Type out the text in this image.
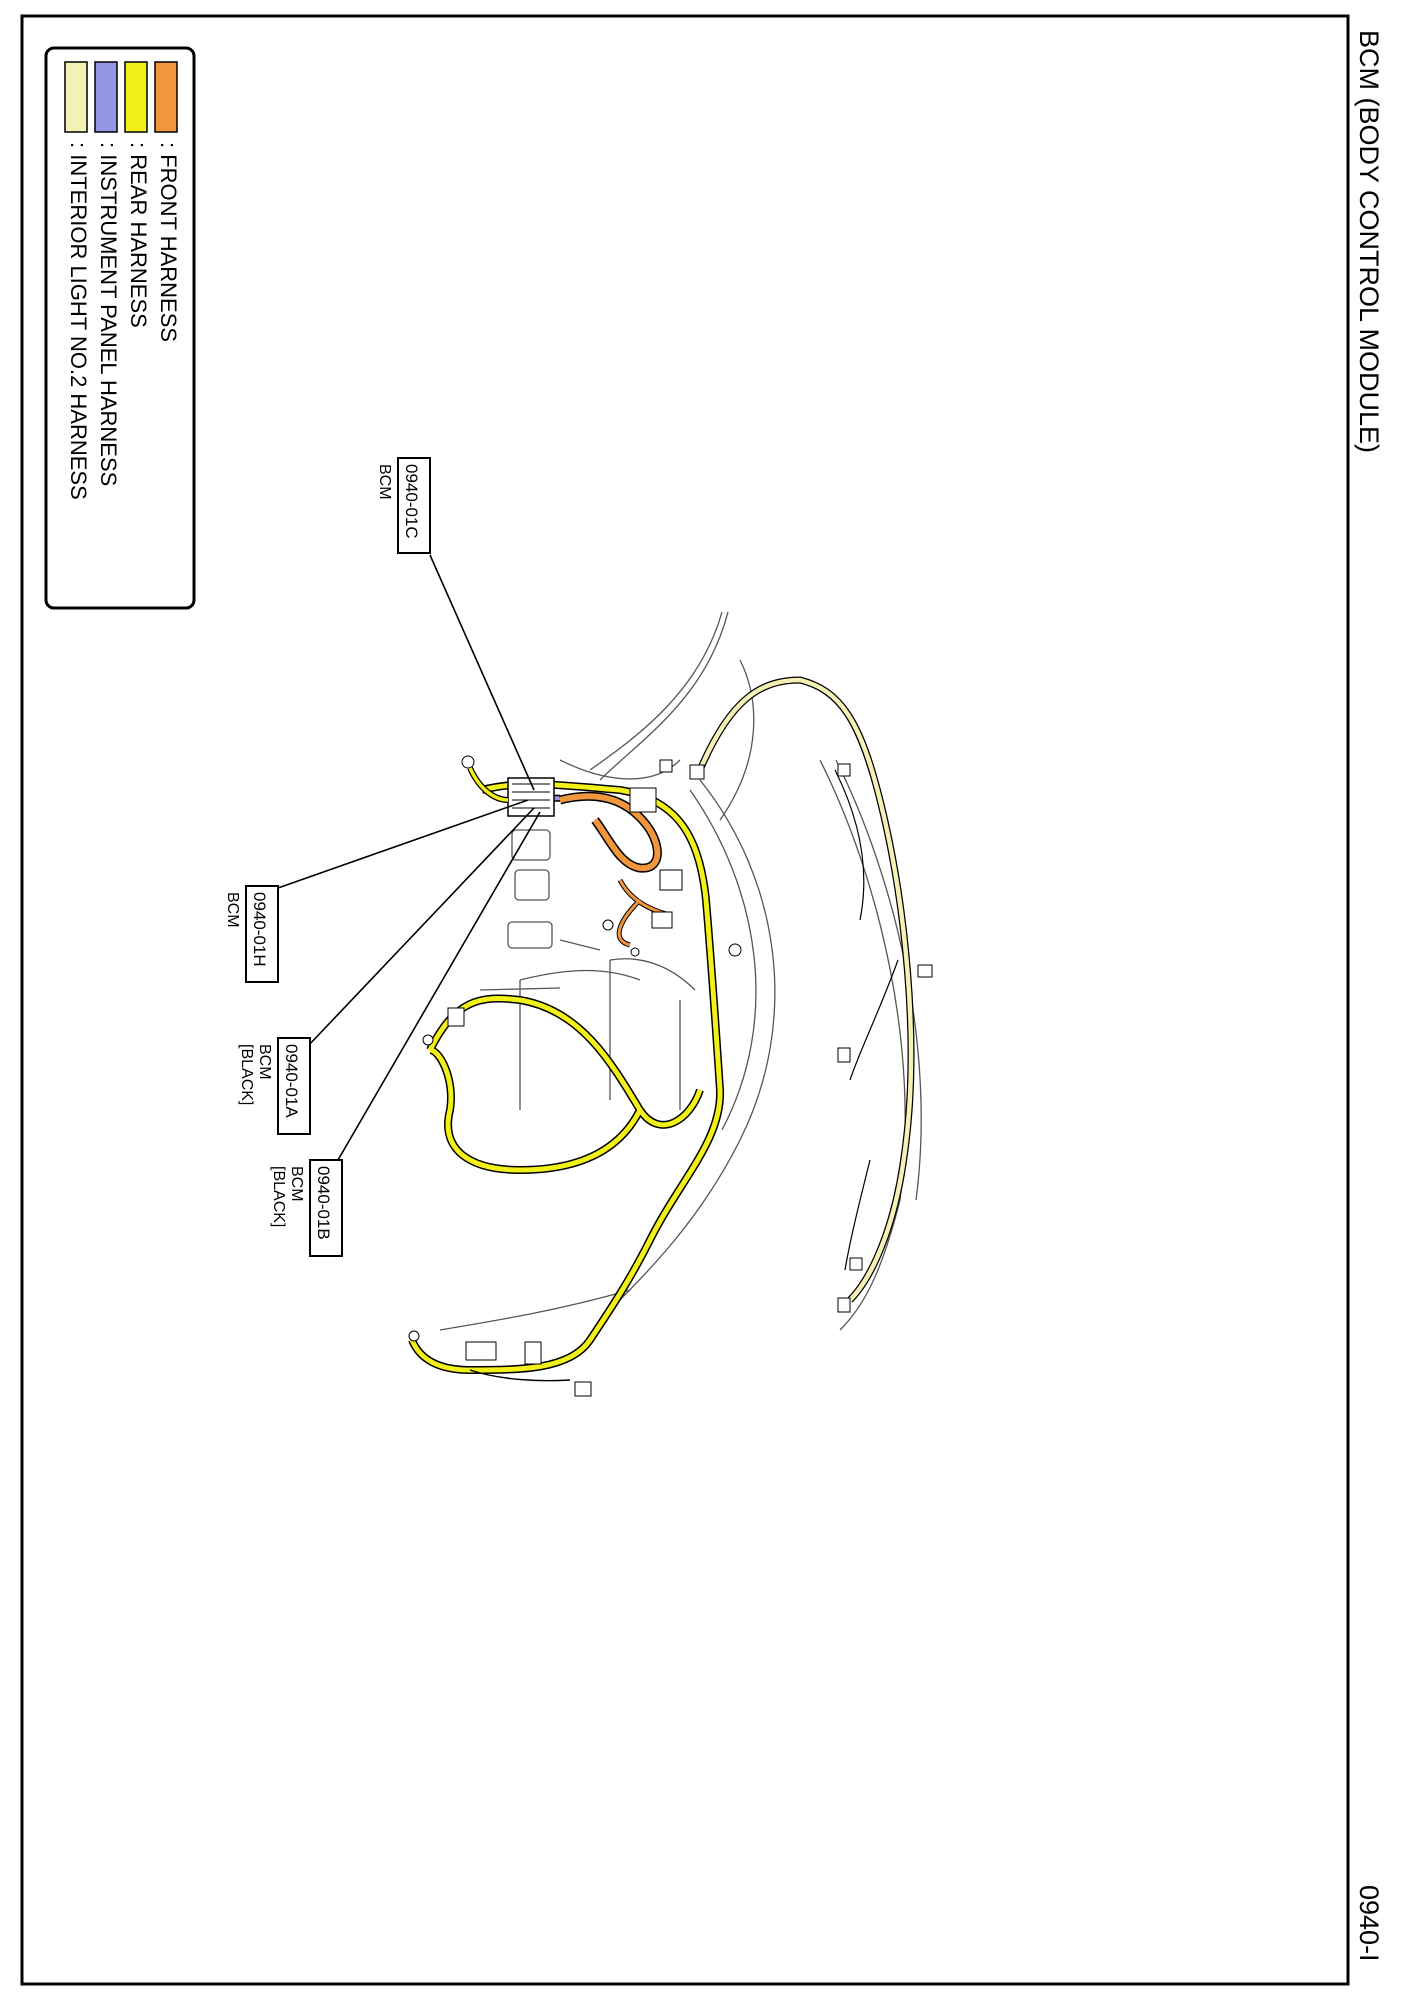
BCM (BODY CONTROL MODULE)
0940-I
: FRONT HARNESS
: REAR HARNESS
: INSTRUMENT PANEL HARNESS
: INTERIOR LIGHT NO.2 HARNESS
0940-01C
BCM
0940-01H
BCM
0940-01A
BCM
[BLACK]
0940-01B
BCM
[BLACK]
